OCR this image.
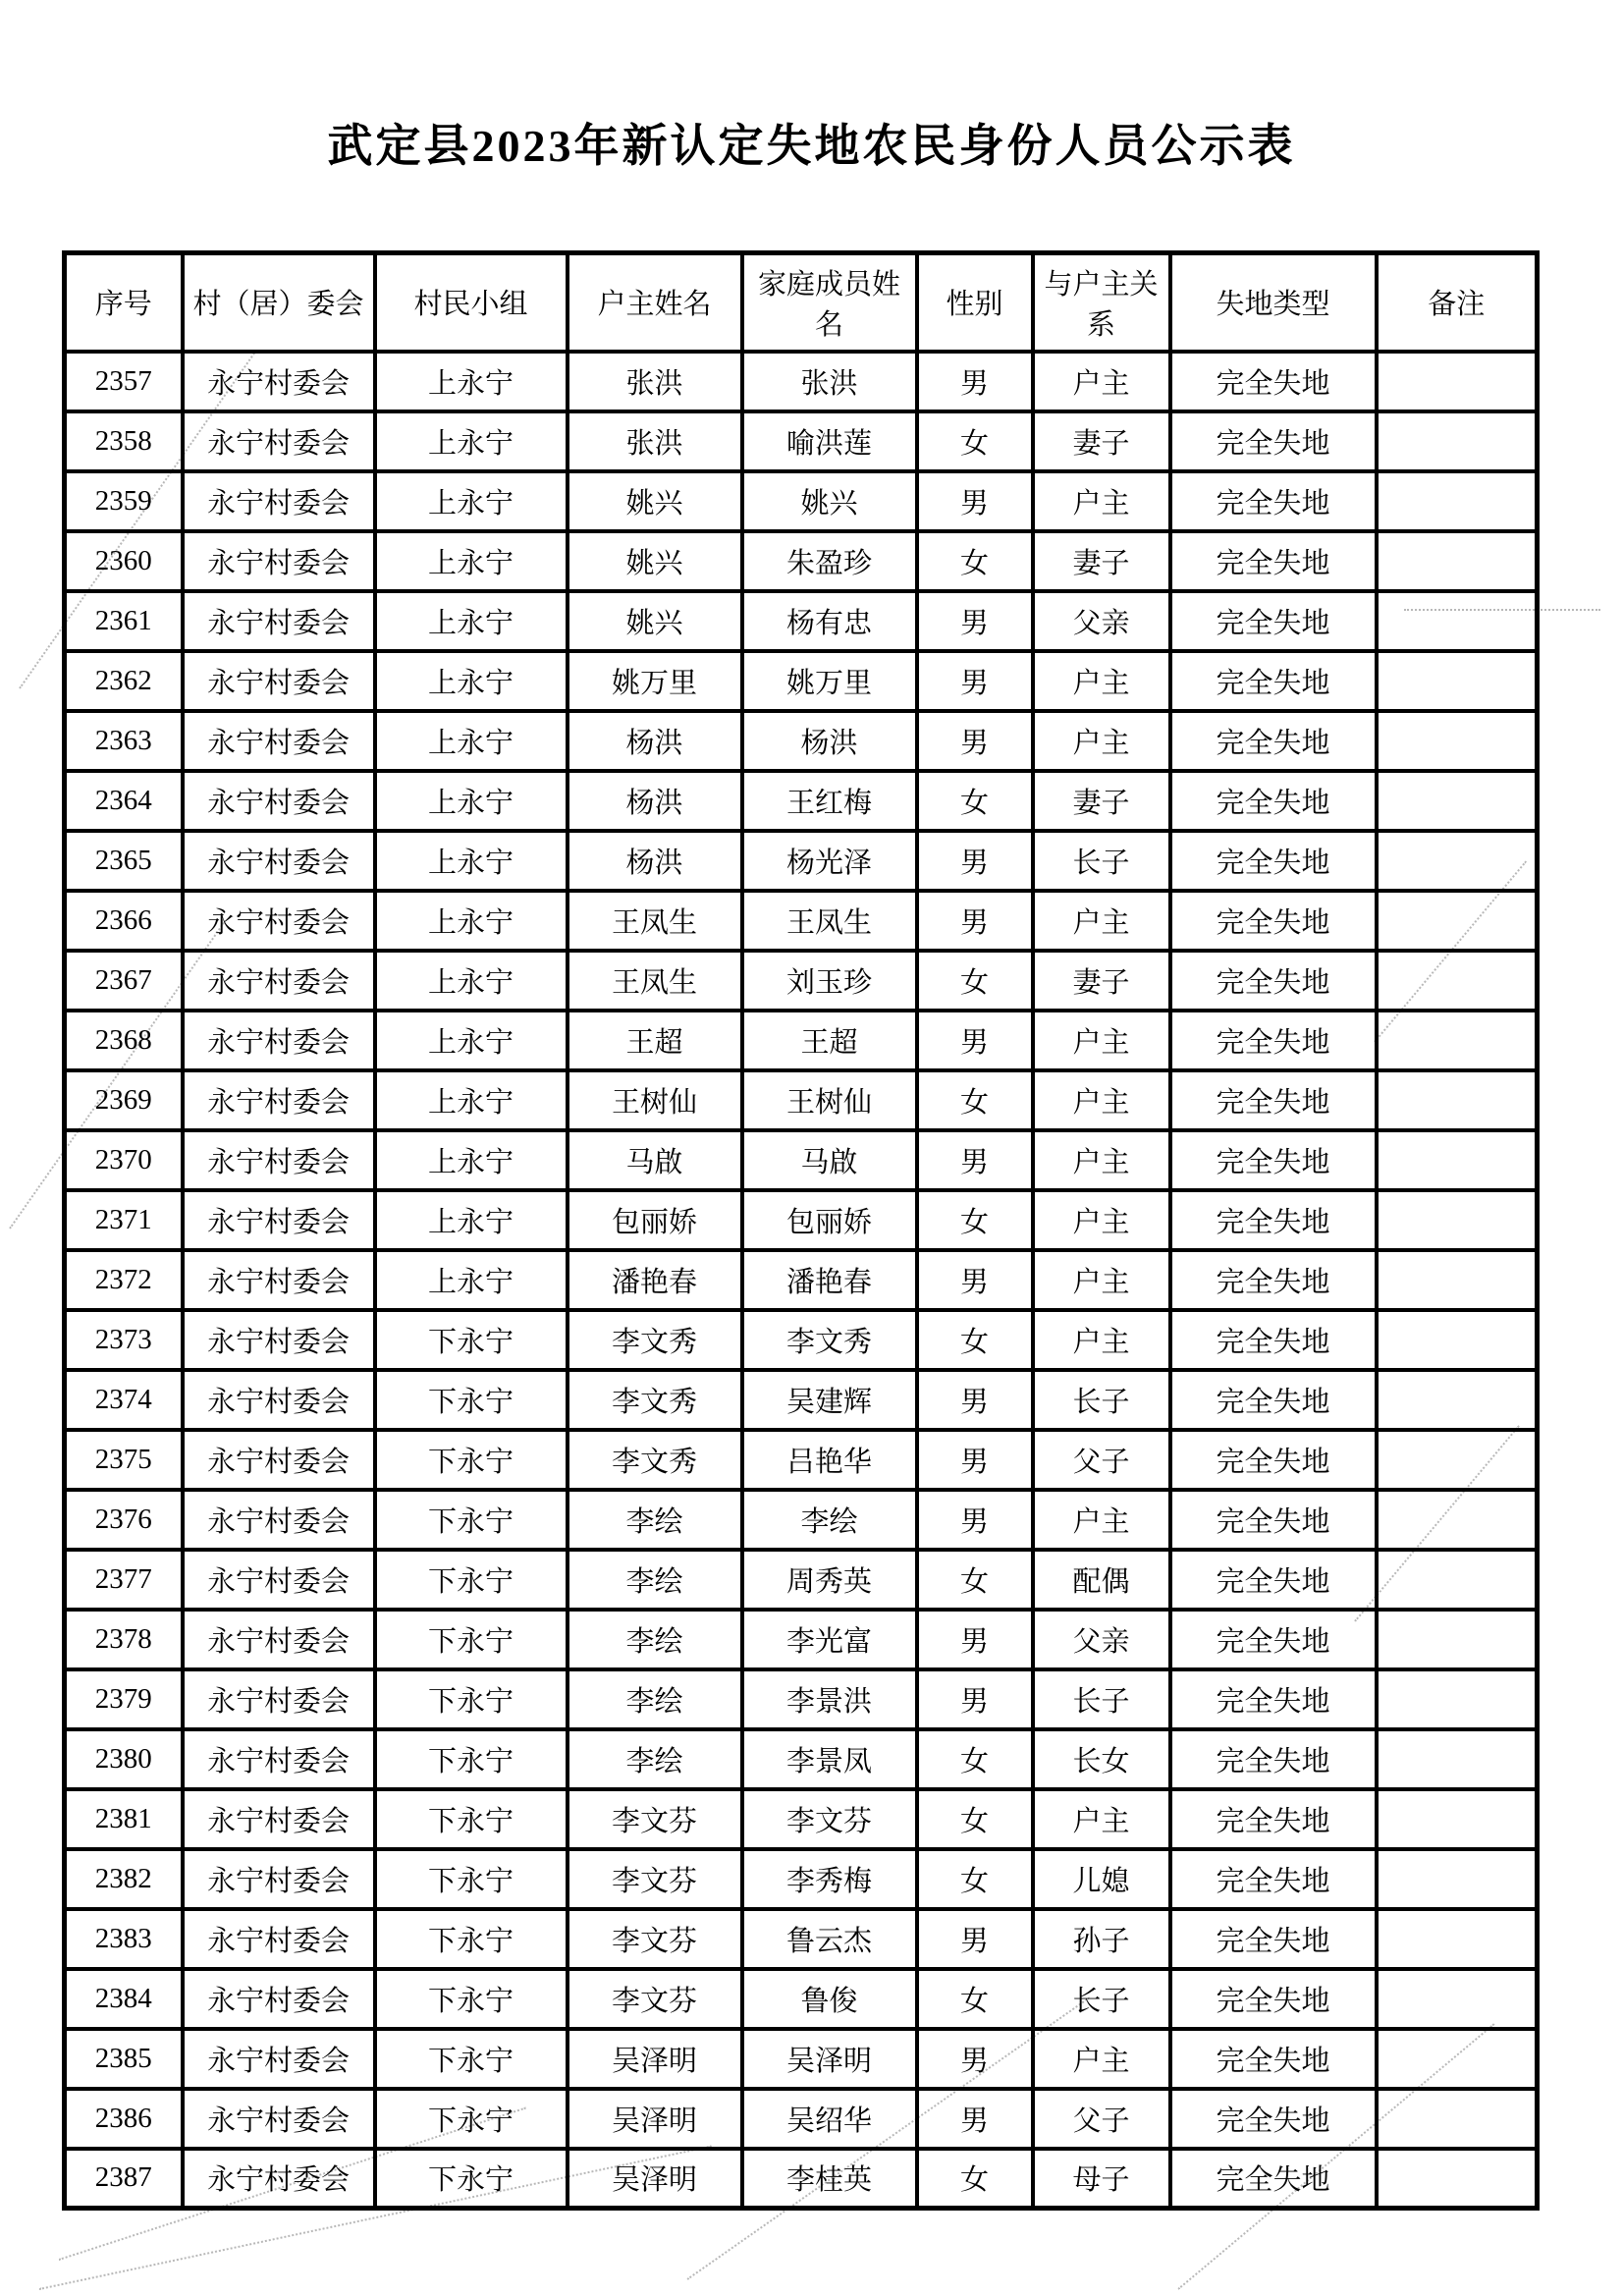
武定县2023年新认定失地农民身份人员公示表
序号	村（居）委会	村民小组	户主姓名	家庭成员姓名	性别	与户主关系	失地类型	备注
2357	永宁村委会	上永宁	张洪	张洪	男	户主	完全失地	
2358	永宁村委会	上永宁	张洪	喻洪莲	女	妻子	完全失地	
2359	永宁村委会	上永宁	姚兴	姚兴	男	户主	完全失地	
2360	永宁村委会	上永宁	姚兴	朱盈珍	女	妻子	完全失地	
2361	永宁村委会	上永宁	姚兴	杨有忠	男	父亲	完全失地	
2362	永宁村委会	上永宁	姚万里	姚万里	男	户主	完全失地	
2363	永宁村委会	上永宁	杨洪	杨洪	男	户主	完全失地	
2364	永宁村委会	上永宁	杨洪	王红梅	女	妻子	完全失地	
2365	永宁村委会	上永宁	杨洪	杨光泽	男	长子	完全失地	
2366	永宁村委会	上永宁	王凤生	王凤生	男	户主	完全失地	
2367	永宁村委会	上永宁	王凤生	刘玉珍	女	妻子	完全失地	
2368	永宁村委会	上永宁	王超	王超	男	户主	完全失地	
2369	永宁村委会	上永宁	王树仙	王树仙	女	户主	完全失地	
2370	永宁村委会	上永宁	马啟	马啟	男	户主	完全失地	
2371	永宁村委会	上永宁	包丽娇	包丽娇	女	户主	完全失地	
2372	永宁村委会	上永宁	潘艳春	潘艳春	男	户主	完全失地	
2373	永宁村委会	下永宁	李文秀	李文秀	女	户主	完全失地	
2374	永宁村委会	下永宁	李文秀	吴建辉	男	长子	完全失地	
2375	永宁村委会	下永宁	李文秀	吕艳华	男	父子	完全失地	
2376	永宁村委会	下永宁	李绘	李绘	男	户主	完全失地	
2377	永宁村委会	下永宁	李绘	周秀英	女	配偶	完全失地	
2378	永宁村委会	下永宁	李绘	李光富	男	父亲	完全失地	
2379	永宁村委会	下永宁	李绘	李景洪	男	长子	完全失地	
2380	永宁村委会	下永宁	李绘	李景凤	女	长女	完全失地	
2381	永宁村委会	下永宁	李文芬	李文芬	女	户主	完全失地	
2382	永宁村委会	下永宁	李文芬	李秀梅	女	儿媳	完全失地	
2383	永宁村委会	下永宁	李文芬	鲁云杰	男	孙子	完全失地	
2384	永宁村委会	下永宁	李文芬	鲁俊	女	长子	完全失地	
2385	永宁村委会	下永宁	吴泽明	吴泽明	男	户主	完全失地	
2386	永宁村委会	下永宁	吴泽明	吴绍华	男	父子	完全失地	
2387	永宁村委会	下永宁	吴泽明	李桂英	女	母子	完全失地	
